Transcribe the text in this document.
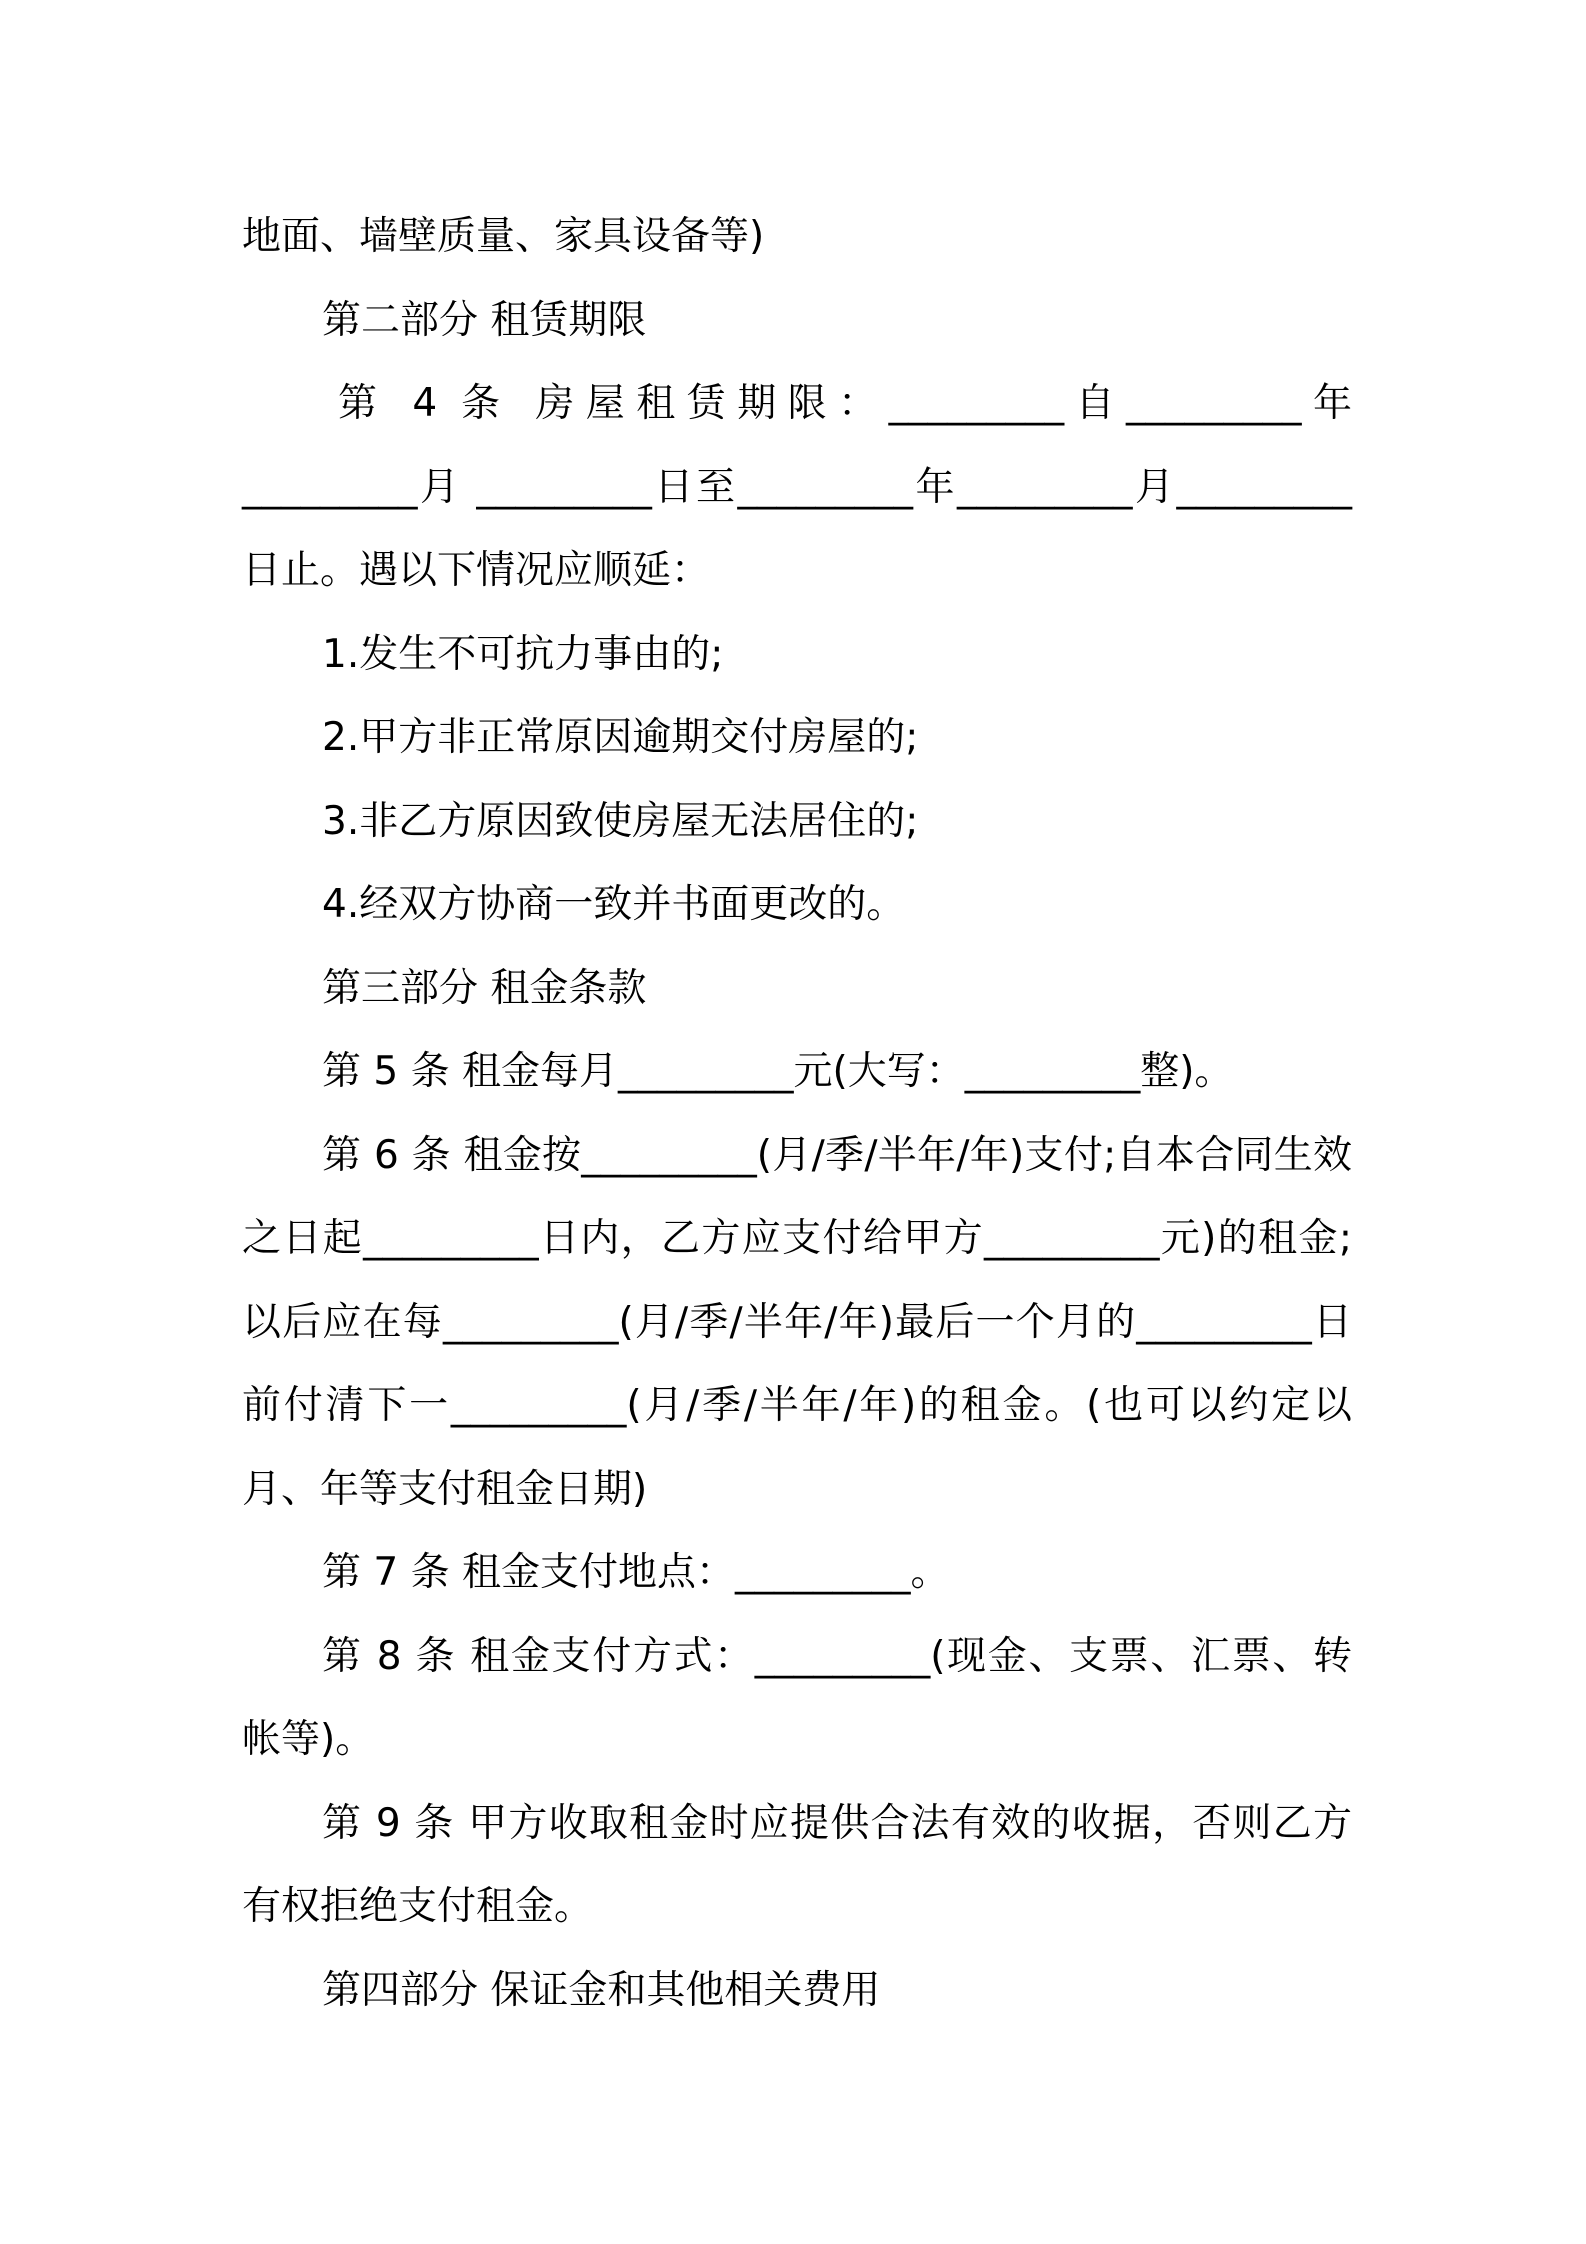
地面、墙壁质量、家具设备等)

第二部分 租赁期限

第 4 条 房屋租赁期限：_________自_________年_________月 _________日至_________年_________月_________日止。遇以下情况应顺延：

1.发生不可抗力事由的;

2.甲方非正常原因逾期交付房屋的;

3.非乙方原因致使房屋无法居住的;

4.经双方协商一致并书面更改的。

第三部分 租金条款

第 5 条 租金每月_________元(大写：_________整)。

第 6 条 租金按_________(月/季/半年/年)支付;自本合同生效之日起_________日内，乙方应支付给甲方_________元)的租金;以后应在每_________(月/季/半年/年)最后一个月的_________日前付清下一_________(月/季/半年/年)的租金。(也可以约定以月、年等支付租金日期)

第 7 条 租金支付地点：_________。

第 8 条 租金支付方式：_________(现金、支票、汇票、转帐等)。

第 9 条 甲方收取租金时应提供合法有效的收据，否则乙方有权拒绝支付租金。

第四部分 保证金和其他相关费用
